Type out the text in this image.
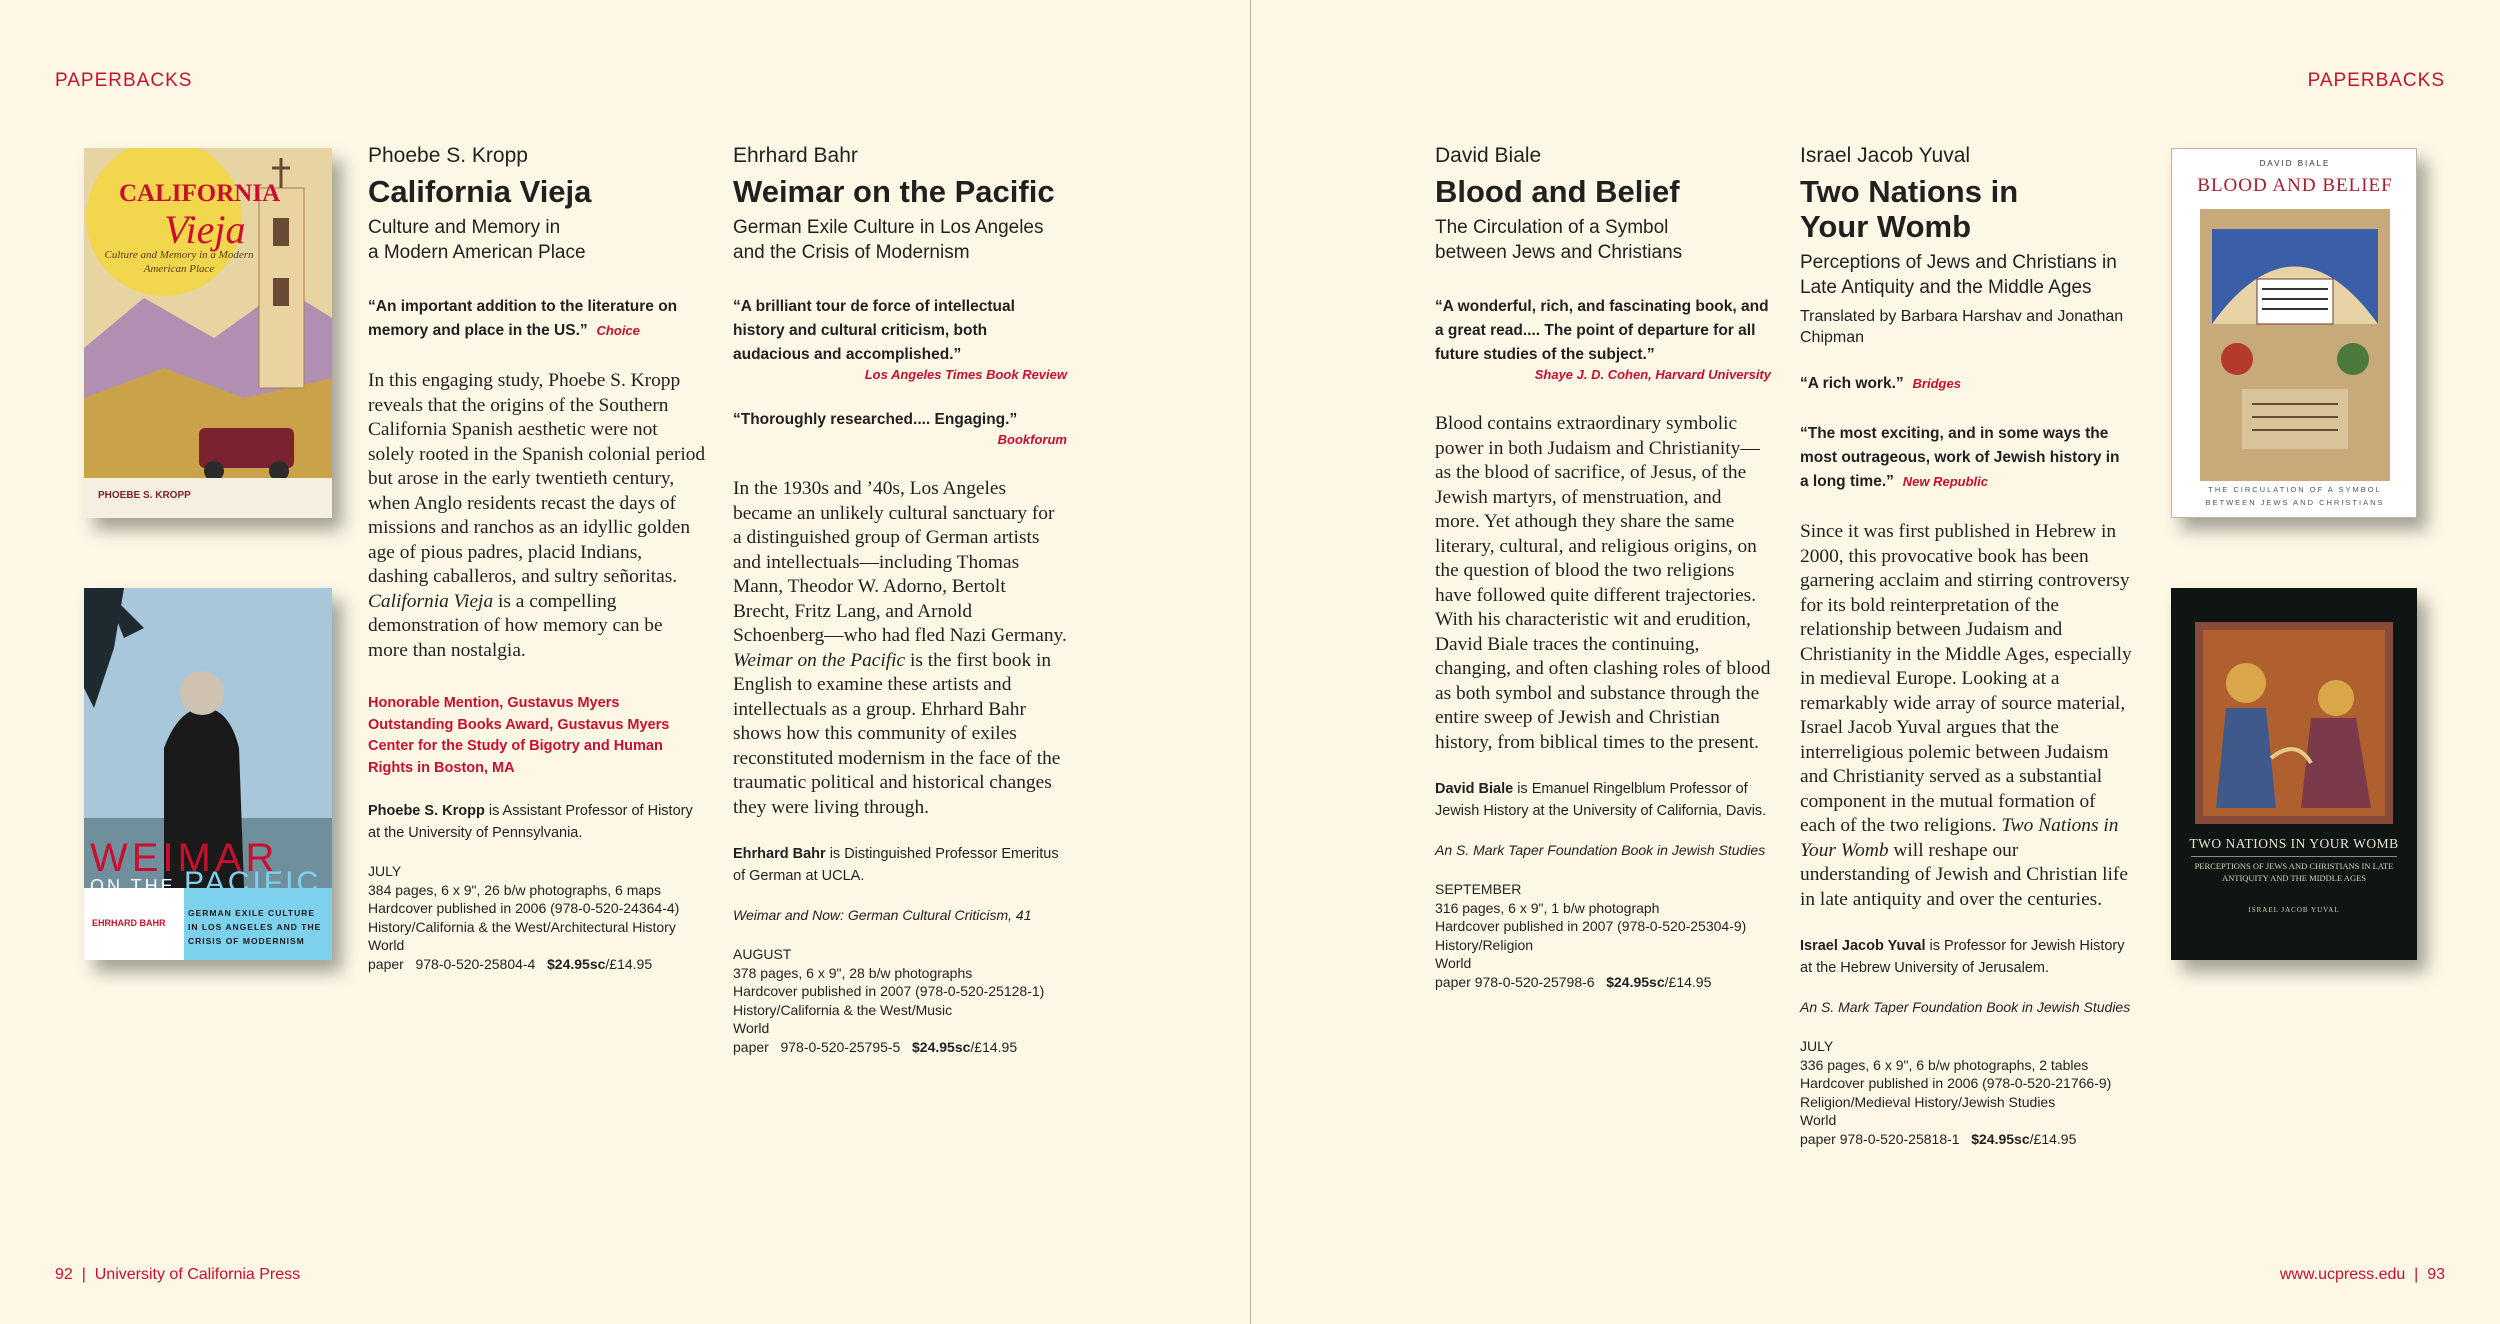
PAPERBACKS
CALIFORNIA
Vieja
Culture and Memory in a Modern American Place
PHOEBE S. KROPP
WEIMAR
ON THE PACIFIC
EHRHARD BAHR
GERMAN EXILE CULTURE IN LOS ANGELES AND THE CRISIS OF MODERNISM
Phoebe S. Kropp
California Vieja
Culture and Memory in
a Modern American Place
“An important addition to the literature on memory and place in the US.” Choice
In this engaging study, Phoebe S. Kropp reveals that the origins of the Southern California Spanish aesthetic were not solely rooted in the Spanish colonial period but arose in the early twentieth century, when Anglo residents recast the days of missions and ranchos as an idyllic golden age of pious padres, placid Indians, dashing caballeros, and sultry señoritas. California Vieja is a compelling demonstration of how memory can be more than nostalgia.
Honorable Mention, Gustavus Myers Outstanding Books Award, Gustavus Myers Center for the Study of Bigotry and Human Rights in Boston, MA
Phoebe S. Kropp is Assistant Professor of History at the University of Pennsylvania.
JULY
384 pages, 6 x 9", 26 b/w photographs, 6 maps
Hardcover published in 2006 (978-0-520-24364-4)
History/California & the West/Architectural History
World
paper   978-0-520-25804-4   $24.95sc/£14.95
Ehrhard Bahr
Weimar on the Pacific
German Exile Culture in Los Angeles
and the Crisis of Modernism
“A brilliant tour de force of intellectual history and cultural criticism, both audacious and accomplished.”
Los Angeles Times Book Review
“Thoroughly researched.... Engaging.”
Bookforum
In the 1930s and ’40s, Los Angeles became an unlikely cultural sanctuary for a distinguished group of German artists and intellectuals—including Thomas Mann, Theodor W. Adorno, Bertolt Brecht, Fritz Lang, and Arnold Schoenberg—who had fled Nazi Germany. Weimar on the Pacific is the first book in English to examine these artists and intellectuals as a group. Ehrhard Bahr shows how this community of exiles reconstituted modernism in the face of the traumatic political and historical changes they were living through.
Ehrhard Bahr is Distinguished Professor Emeritus of German at UCLA.
Weimar and Now: German Cultural Criticism, 41
AUGUST
378 pages, 6 x 9", 28 b/w photographs
Hardcover published in 2007 (978-0-520-25128-1)
History/California & the West/Music
World
paper   978-0-520-25795-5   $24.95sc/£14.95
92  |  University of California Press
PAPERBACKS
David Biale
Blood and Belief
The Circulation of a Symbol
between Jews and Christians
“A wonderful, rich, and fascinating book, and a great read.... The point of departure for all future studies of the subject.”
Shaye J. D. Cohen, Harvard University
Blood contains extraordinary symbolic power in both Judaism and Christianity—as the blood of sacrifice, of Jesus, of the Jewish martyrs, of menstruation, and more. Yet athough they share the same literary, cultural, and religious origins, on the question of blood the two religions have followed quite different trajectories. With his characteristic wit and erudition, David Biale traces the continuing, changing, and often clashing roles of blood as both symbol and substance through the entire sweep of Jewish and Christian history, from biblical times to the present.
David Biale is Emanuel Ringelblum Professor of Jewish History at the University of California, Davis.
An S. Mark Taper Foundation Book in Jewish Studies
SEPTEMBER
316 pages, 6 x 9", 1 b/w photograph
Hardcover published in 2007 (978-0-520-25304-9)
History/Religion
World
paper 978-0-520-25798-6   $24.95sc/£14.95
Israel Jacob Yuval
Two Nations in
Your Womb
Perceptions of Jews and Christians in
Late Antiquity and the Middle Ages
Translated by Barbara Harshav and Jonathan Chipman
“A rich work.” Bridges
“The most exciting, and in some ways the most outrageous, work of Jewish history in a long time.” New Republic
Since it was first published in Hebrew in 2000, this provocative book has been garnering acclaim and stirring controversy for its bold reinterpretation of the relationship between Judaism and Christianity in the Middle Ages, especially in medieval Europe. Looking at a remarkably wide array of source material, Israel Jacob Yuval argues that the interreligious polemic between Judaism and Christianity served as a substantial component in the mutual formation of each of the two religions. Two Nations in Your Womb will reshape our understanding of Jewish and Christian life in late antiquity and over the centuries.
Israel Jacob Yuval is Professor for Jewish History at the Hebrew University of Jerusalem.
An S. Mark Taper Foundation Book in Jewish Studies
JULY
336 pages, 6 x 9", 6 b/w photographs, 2 tables
Hardcover published in 2006 (978-0-520-21766-9)
Religion/Medieval History/Jewish Studies
World
paper 978-0-520-25818-1   $24.95sc/£14.95
DAVID BIALE
BLOOD AND BELIEF
THE CIRCULATION OF A SYMBOL BETWEEN JEWS AND CHRISTIANS
TWO NATIONS IN YOUR WOMB
PERCEPTIONS OF JEWS AND CHRISTIANS IN LATE ANTIQUITY AND THE MIDDLE AGES
ISRAEL JACOB YUVAL
www.ucpress.edu  |  93
